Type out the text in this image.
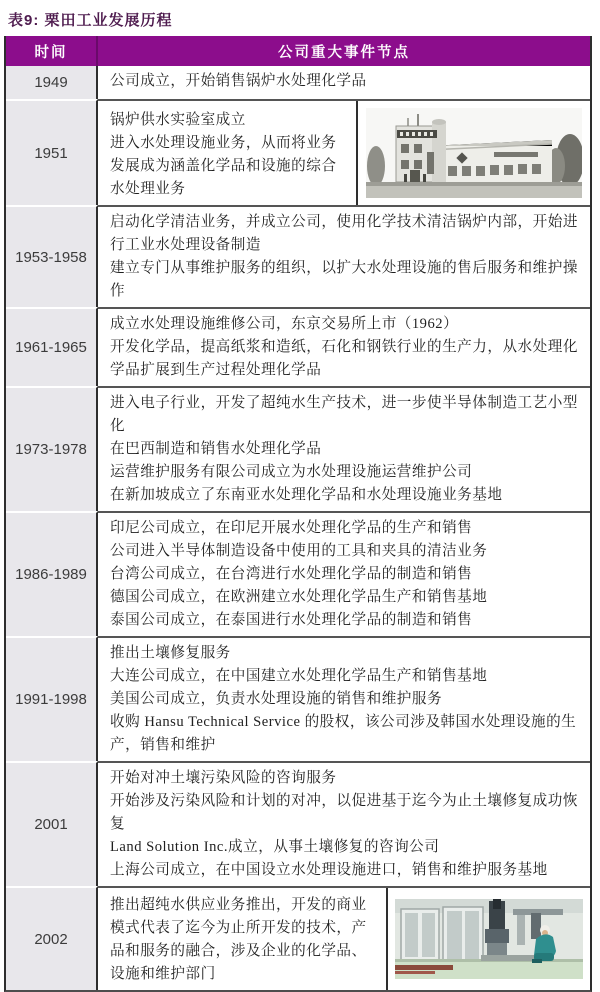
表9: 栗田工业发展历程
时间	公司重大事件节点
1949	公司成立，开始销售锅炉水处理化学品
1951
锅炉供水实验室成立
进入水处理设施业务，从而将业务发展成为涵盖化学品和设施的综合水处理业务
1953-1958
启动化学清洁业务，并成立公司，使用化学技术清洁锅炉内部，开始进行工业水处理设备制造
建立专门从事维护服务的组织，以扩大水处理设施的售后服务和维护操作
1961-1965
成立水处理设施维修公司，东京交易所上市（1962）
开发化学品，提高纸浆和造纸，石化和钢铁行业的生产力，从水处理化学品扩展到生产过程处理化学品
1973-1978
进入电子行业，开发了超纯水生产技术，进一步使半导体制造工艺小型化
在巴西制造和销售水处理化学品
运营维护服务有限公司成立为水处理设施运营维护公司
在新加坡成立了东南亚水处理化学品和水处理设施业务基地
1986-1989
印尼公司成立，在印尼开展水处理化学品的生产和销售
公司进入半导体制造设备中使用的工具和夹具的清洁业务
台湾公司成立，在台湾进行水处理化学品的制造和销售
德国公司成立，在欧洲建立水处理化学品生产和销售基地
泰国公司成立，在泰国进行水处理化学品的制造和销售
1991-1998
推出土壤修复服务
大连公司成立，在中国建立水处理化学品生产和销售基地
美国公司成立，负责水处理设施的销售和维护服务
收购 Hansu Technical Service 的股权，该公司涉及韩国水处理设施的生产，销售和维护
2001
开始对冲土壤污染风险的咨询服务
开始涉及污染风险和计划的对冲，以促进基于迄今为止土壤修复成功恢复
Land Solution Inc.成立，从事土壤修复的咨询公司
上海公司成立，在中国设立水处理设施进口，销售和维护服务基地
2002
推出超纯水供应业务推出，开发的商业模式代表了迄今为止所开发的技术，产品和服务的融合，涉及企业的化学品、设施和维护部门
